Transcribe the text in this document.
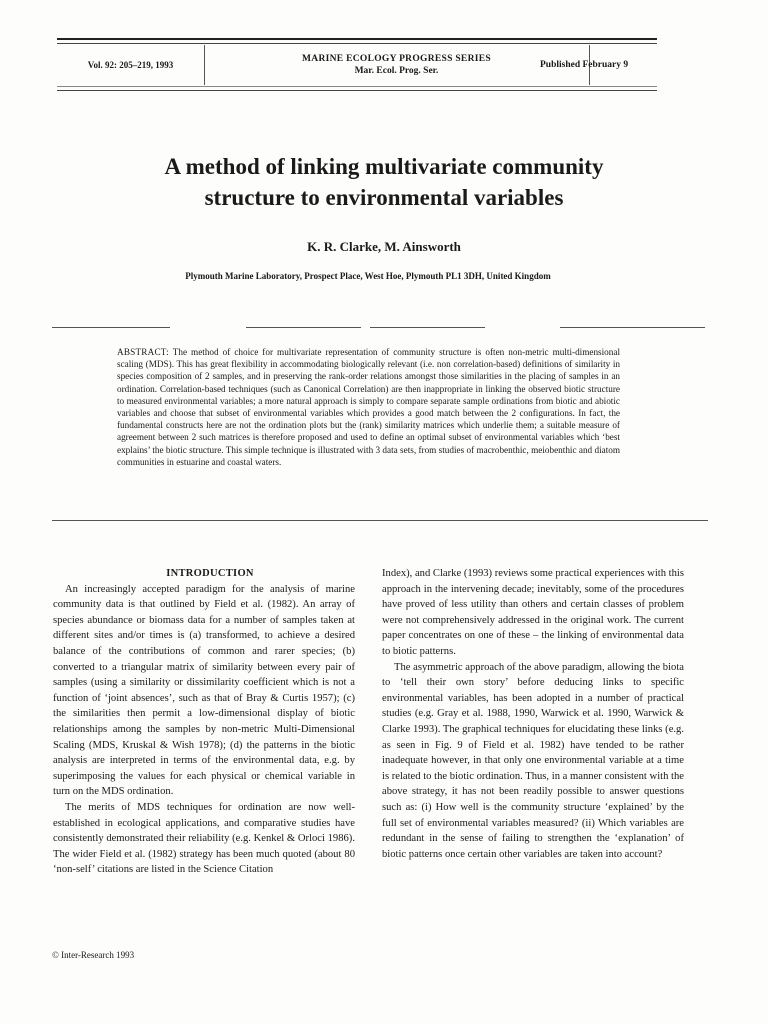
Vol. 92: 205–219, 1993
MARINE ECOLOGY PROGRESS SERIES
Mar. Ecol. Prog. Ser.
Published February 9
A method of linking multivariate community
structure to environmental variables
K. R. Clarke, M. Ainsworth
Plymouth Marine Laboratory, Prospect Place, West Hoe, Plymouth PL1 3DH, United Kingdom
ABSTRACT: The method of choice for multivariate representation of community structure is often non-metric multi-dimensional scaling (MDS). This has great flexibility in accommodating biologically relevant (i.e. non correlation-based) definitions of similarity in species composition of 2 samples, and in preserving the rank-order relations amongst those similarities in the placing of samples in an ordination. Correlation-based techniques (such as Canonical Correlation) are then inappropriate in linking the observed biotic structure to measured environmental variables; a more natural approach is simply to compare separate sample ordinations from biotic and abiotic variables and choose that subset of environmental variables which provides a good match between the 2 configurations. In fact, the fundamental constructs here are not the ordination plots but the (rank) similarity matrices which underlie them; a suitable measure of agreement between 2 such matrices is therefore proposed and used to define an optimal subset of environmental variables which ‘best explains’ the biotic structure. This simple technique is illustrated with 3 data sets, from studies of macrobenthic, meiobenthic and diatom communities in estuarine and coastal waters.

INTRODUCTION

An increasingly accepted paradigm for the analysis of marine community data is that outlined by Field et al. (1982). An array of species abundance or biomass data for a number of samples taken at different sites and/or times is (a) transformed, to achieve a desired balance of the contributions of common and rarer species; (b) converted to a triangular matrix of similarity between every pair of samples (using a similarity or dissimilarity coefficient which is not a function of ‘joint absences’, such as that of Bray & Curtis 1957); (c) the similarities then permit a low-dimensional display of biotic relationships among the samples by non-metric Multi-Dimensional Scaling (MDS, Kruskal & Wish 1978); (d) the patterns in the biotic analysis are interpreted in terms of the environmental data, e.g. by superimposing the values for each physical or chemical variable in turn on the MDS ordination.

The merits of MDS techniques for ordination are now well-established in ecological applications, and comparative studies have consistently demonstrated their reliability (e.g. Kenkel & Orloci 1986). The wider Field et al. (1982) strategy has been much quoted (about 80 ‘non-self’ citations are listed in the Science Citation

Index), and Clarke (1993) reviews some practical experiences with this approach in the intervening decade; inevitably, some of the procedures have proved of less utility than others and certain classes of problem were not comprehensively addressed in the original work. The current paper concentrates on one of these – the linking of environmental data to biotic patterns.

The asymmetric approach of the above paradigm, allowing the biota to ‘tell their own story’ before deducing links to specific environmental variables, has been adopted in a number of practical studies (e.g. Gray et al. 1988, 1990, Warwick et al. 1990, Warwick & Clarke 1993). The graphical techniques for elucidating these links (e.g. as seen in Fig. 9 of Field et al. 1982) have tended to be rather inadequate however, in that only one environmental variable at a time is related to the biotic ordination. Thus, in a manner consistent with the above strategy, it has not been readily possible to answer questions such as: (i) How well is the community structure ‘explained’ by the full set of environmental variables measured? (ii) Which variables are redundant in the sense of failing to strengthen the ‘explanation’ of biotic patterns once certain other variables are taken into account?

© Inter-Research 1993
